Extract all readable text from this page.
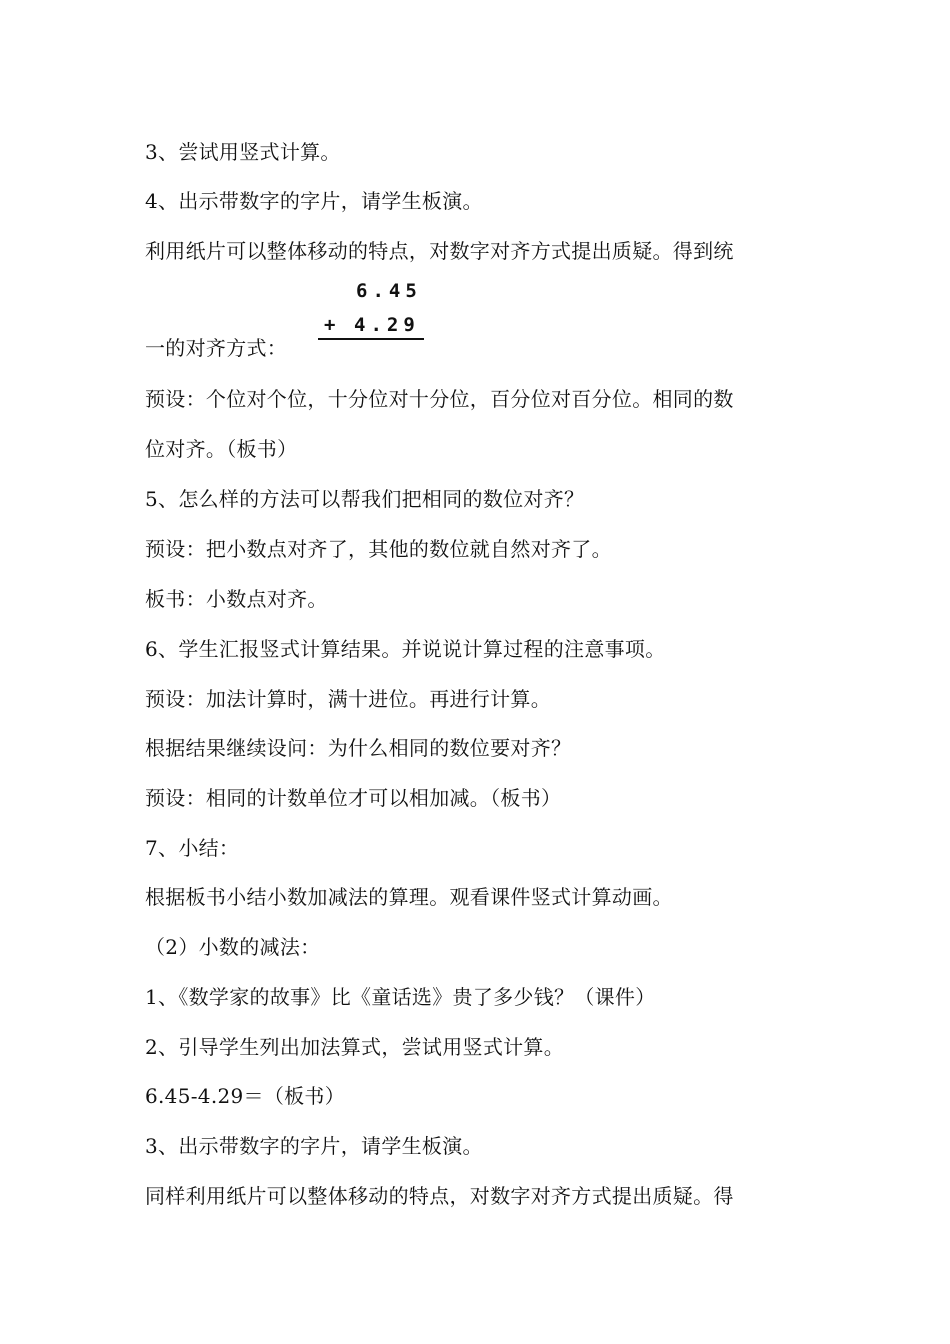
3、尝试用竖式计算。
4、出示带数字的字片，请学生板演。
利用纸片可以整体移动的特点，对数字对齐方式提出质疑。得到统
6.45
+ 4.29
一的对齐方式：
预设：个位对个位，十分位对十分位，百分位对百分位。相同的数
位对齐。（板书）
5、怎么样的方法可以帮我们把相同的数位对齐？
预设：把小数点对齐了，其他的数位就自然对齐了。
板书：小数点对齐。
6、学生汇报竖式计算结果。并说说计算过程的注意事项。
预设：加法计算时，满十进位。再进行计算。
根据结果继续设问：为什么相同的数位要对齐？
预设：相同的计数单位才可以相加减。（板书）
7、小结：
根据板书小结小数加减法的算理。观看课件竖式计算动画。
（2）小数的减法：
1、《数学家的故事》比《童话选》贵了多少钱？（课件）
2、引导学生列出加法算式，尝试用竖式计算。
6.45-4.29＝（板书）
3、出示带数字的字片，请学生板演。
同样利用纸片可以整体移动的特点，对数字对齐方式提出质疑。得
